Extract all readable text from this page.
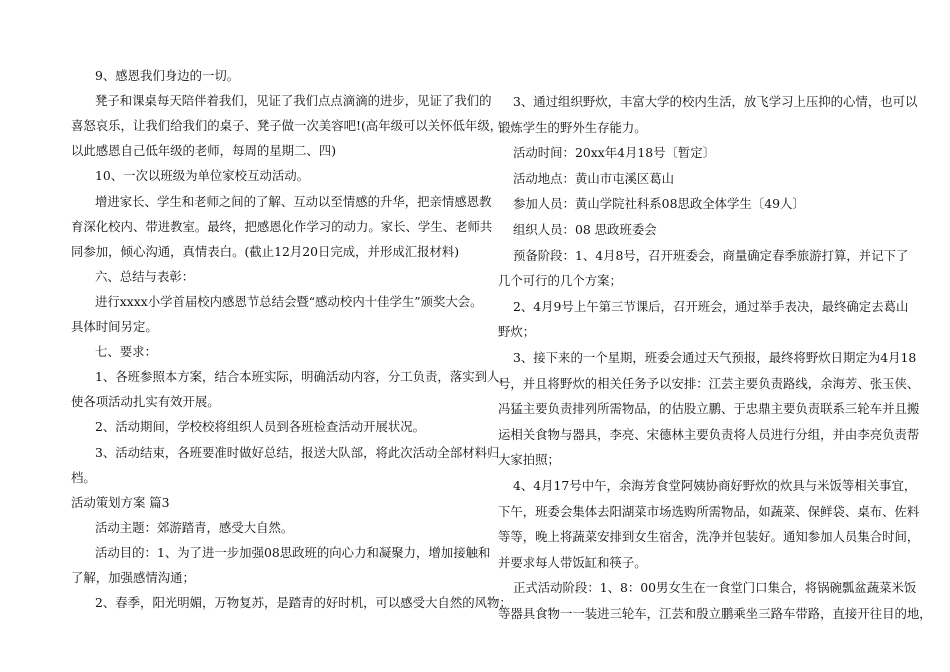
9、感恩我们身边的一切。
凳子和课桌每天陪伴着我们，见证了我们点点滴滴的进步，见证了我们的
喜怒哀乐，让我们给我们的桌子、凳子做一次美容吧!(高年级可以关怀低年级，
以此感恩自己低年级的老师，每周的星期二、四)
10、一次以班级为单位家校互动活动。
增进家长、学生和老师之间的了解、互动以至情感的升华，把亲情感恩教
育深化校内、带进教室。最终，把感恩化作学习的动力。家长、学生、老师共
同参加，倾心沟通，真情表白。(截止12月20日完成，并形成汇报材料)
六、总结与表彰：
进行xxxx小学首届校内感恩节总结会暨“感动校内十佳学生”颁奖大会。
具体时间另定。
七、要求：
1、各班参照本方案，结合本班实际，明确活动内容，分工负责，落实到人，
使各项活动扎实有效开展。
2、活动期间，学校校将组织人员到各班检查活动开展状况。
3、活动结束，各班要准时做好总结，报送大队部，将此次活动全部材料归
档。
活动策划方案 篇3
活动主题：郊游踏青，感受大自然。
活动目的：1、为了进一步加强08思政班的向心力和凝聚力，增加接触和
了解，加强感情沟通；
2、春季，阳光明媚，万物复苏，是踏青的好时机，可以感受大自然的风物；
3、通过组织野炊，丰富大学的校内生活，放飞学习上压抑的心情，也可以
锻炼学生的野外生存能力。
活动时间：20xx年4月18号〔暂定〕
活动地点：黄山市屯溪区葛山
参加人员：黄山学院社科系08思政全体学生〔49人〕
组织人员：08 思政班委会
预备阶段：1、4月8号，召开班委会，商量确定春季旅游打算，并记下了
几个可行的几个方案；
2、4月9号上午第三节课后，召开班会，通过举手表决，最终确定去葛山
野炊；
3、接下来的一个星期，班委会通过天气预报，最终将野炊日期定为4月18
号，并且将野炊的相关任务予以安排：江芸主要负责路线，余海芳、张玉侠、
冯猛主要负责排列所需物品，的估股立鹏、于忠鼎主要负责联系三轮车并且搬
运相关食物与器具，李亮、宋德林主要负责将人员进行分组，并由李亮负责帮
大家拍照；
4、4月17号中午，余海芳食堂阿姨协商好野炊的炊具与米饭等相关事宜，
下午，班委会集体去阳湖菜市场选购所需物品，如蔬菜、保鲜袋、桌布、佐料
等等，晚上将蔬菜安排到女生宿舍，洗净并包装好。通知参加人员集合时间，
并要求每人带饭缸和筷子。
正式活动阶段：1、8：00男女生在一食堂门口集合，将锅碗瓢盆蔬菜米饭
等器具食物一一装进三轮车，江芸和殷立鹏乘坐三路车带路，直接开往目的地，
